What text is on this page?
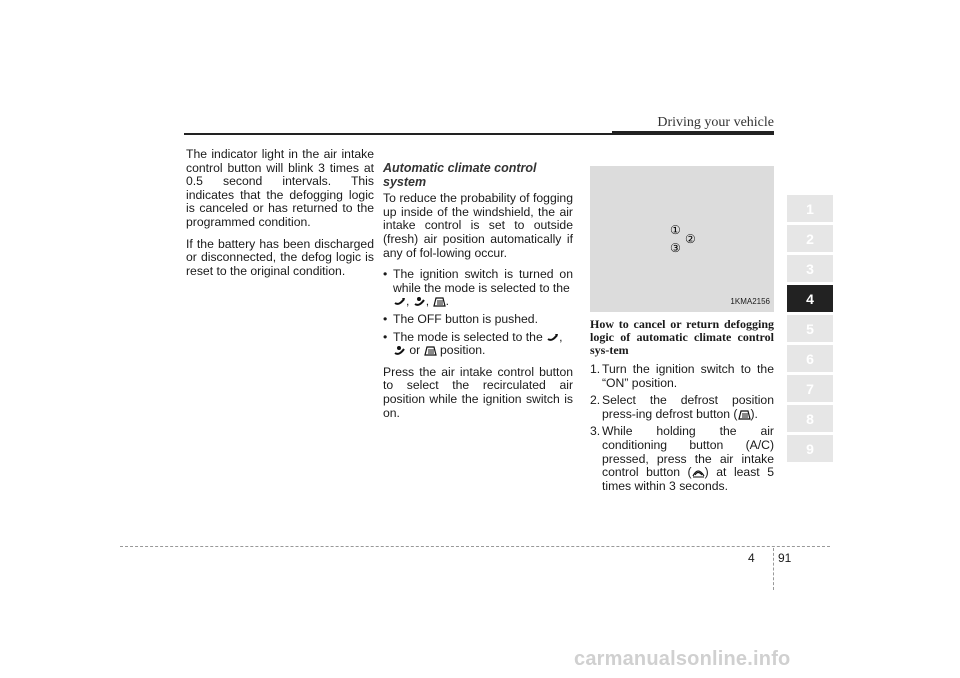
Driving your vehicle

The indicator light in the air intake control button will blink 3 times at 0.5 second intervals. This indicates that the defogging logic is canceled or has returned to the programmed condition.

If the battery has been discharged or disconnected, the defog logic is reset to the original condition.

Automatic climate control system

To reduce the probability of fogging up inside of the windshield, the air intake control is set to outside (fresh) air position automatically if any of fol-lowing occur.

• The ignition switch is turned on while the mode is selected to the

, , .
• The OFF button is pushed.
• The mode is selected to the ,

or position.

Press the air intake control button to select the recirculated air position while the ignition switch is on.

①
②
③
1KMA2156
How to cancel or return defogging logic of automatic climate control sys-tem
1. Turn the ignition switch to the “ON” position.
2. Select the defrost position press-ing defrost button ( ).
3. While holding the air conditioning button (A/C) pressed, press the air intake control button ( ) at least 5 times within 3 seconds.
1
2
3
4
5
6
7
8
9
4 91
carmanualsonline.info
